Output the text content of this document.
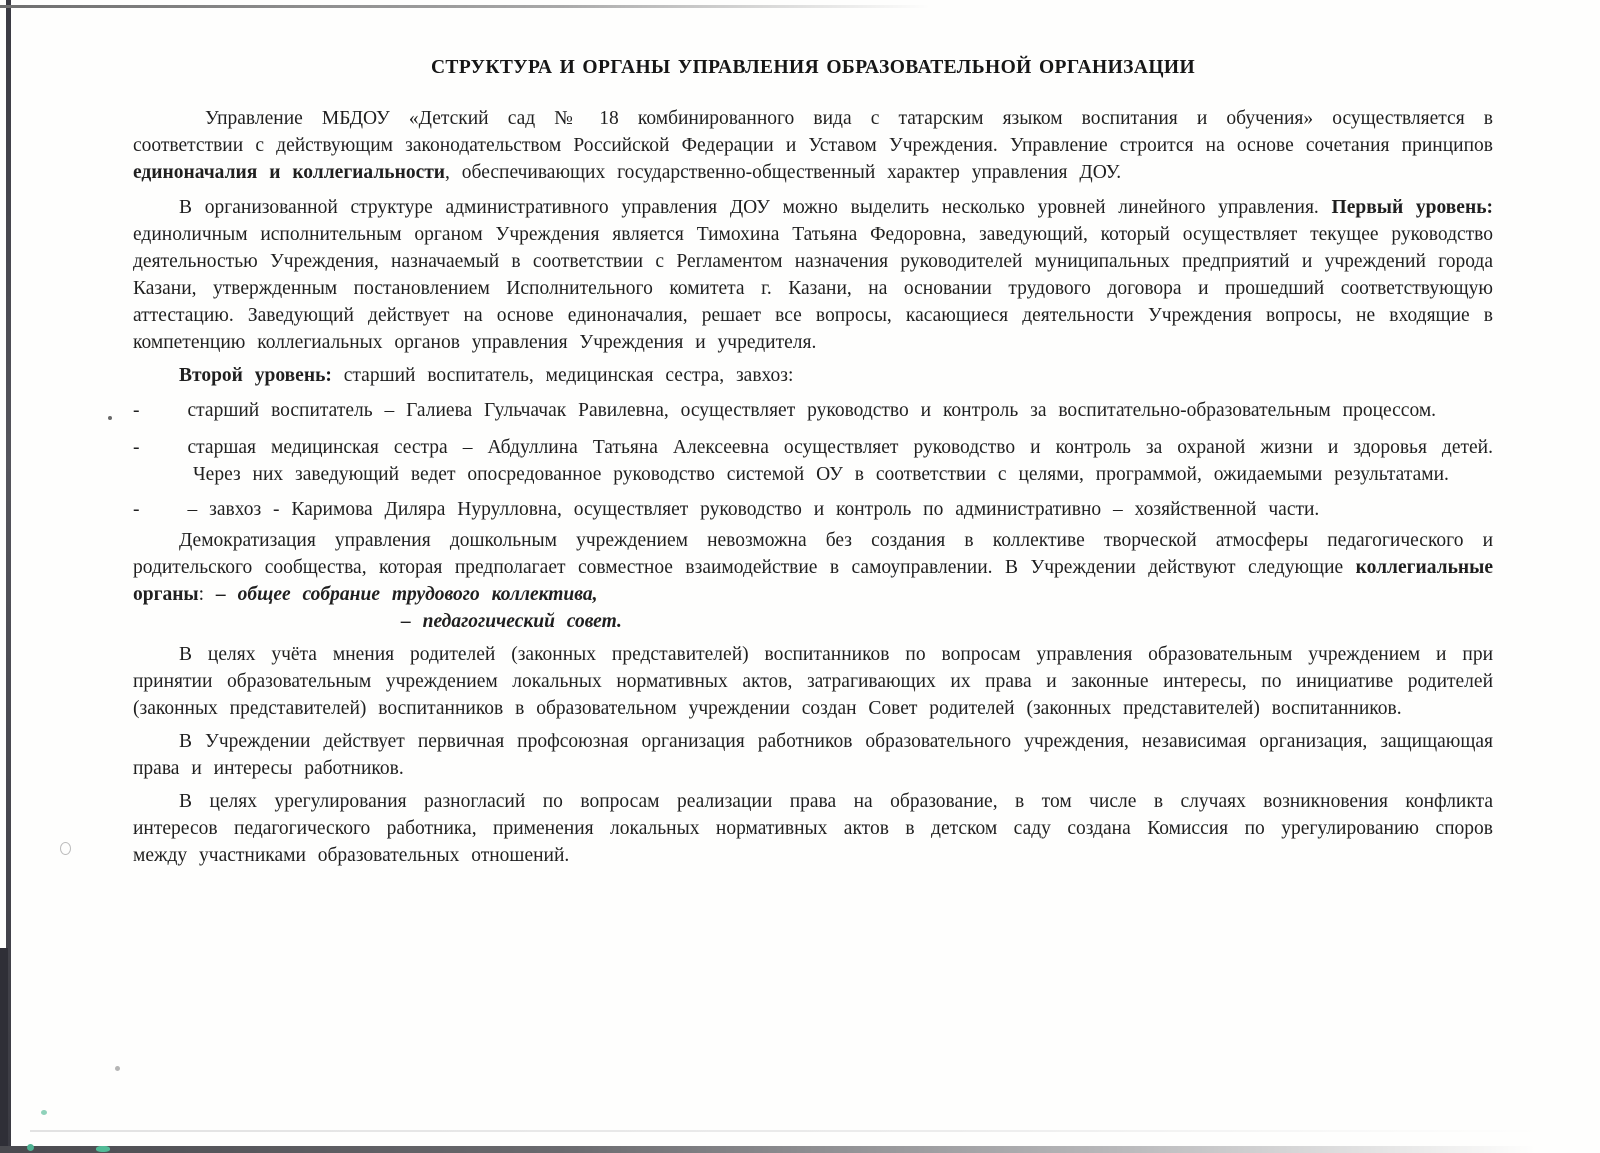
СТРУКТУРА И ОРГАНЫ УПРАВЛЕНИЯ ОБРАЗОВАТЕЛЬНОЙ ОРГАНИЗАЦИИ

Управление МБДОУ «Детский сад № 18 комбинированного вида с татарским языком воспитания и обучения» осуществляется в соответствии с действующим законодательством Российской Федерации и Уставом Учреждения. Управление строится на основе сочетания принципов единоначалия и коллегиальности, обеспечивающих государственно-общественный характер управления ДОУ.

В организованной структуре административного управления ДОУ можно выделить несколько уровней линейного управления. Первый уровень: единоличным исполнительным органом Учреждения является Тимохина Татьяна Федоровна, заведующий, который осуществляет текущее руководство деятельностью Учреждения, назначаемый в соответствии с Регламентом назначения руководителей муниципальных предприятий и учреждений города Казани, утвержденным постановлением Исполнительного комитета г. Казани, на основании трудового договора и прошедший соответствующую аттестацию. Заведующий действует на основе единоначалия, решает все вопросы, касающиеся деятельности Учреждения вопросы, не входящие в компетенцию коллегиальных органов управления Учреждения и учредителя.

Второй уровень: старший воспитатель, медицинская сестра, завхоз:

- старший воспитатель – Галиева Гульчачак Равилевна, осуществляет руководство и контроль за воспитательно-образовательным процессом.

- старшая медицинская сестра – Абдуллина Татьяна Алексеевна осуществляет руководство и контроль за охраной жизни и здоровья детей.Через них заведующий ведет опосредованное руководство системой ОУ в соответствии с целями, программой, ожидаемыми результатами.

- – завхоз - Каримова Диляра Нурулловна, осуществляет руководство и контроль по административно – хозяйственной части.

Демократизация управления дошкольным учреждением невозможна без создания в коллективе творческой атмосферы педагогического и родительского сообщества, которая предполагает совместное взаимодействие в самоуправлении. В Учреждении действуют следующие коллегиальные органы: – общее собрание трудового коллектива,

– педагогический совет.

В целях учёта мнения родителей (законных представителей) воспитанников по вопросам управления образовательным учреждением и при принятии образовательным учреждением локальных нормативных актов, затрагивающих их права и законные интересы, по инициативе родителей (законных представителей) воспитанников в образовательном учреждении создан Совет родителей (законных представителей) воспитанников.

В Учреждении действует первичная профсоюзная организация работников образовательного учреждения, независимая организация, защищающая права и интересы работников.

В целях урегулирования разногласий по вопросам реализации права на образование, в том числе в случаях возникновения конфликта интересов педагогического работника, применения локальных нормативных актов в детском саду создана Комиссия по урегулированию споров между участниками образовательных отношений.
